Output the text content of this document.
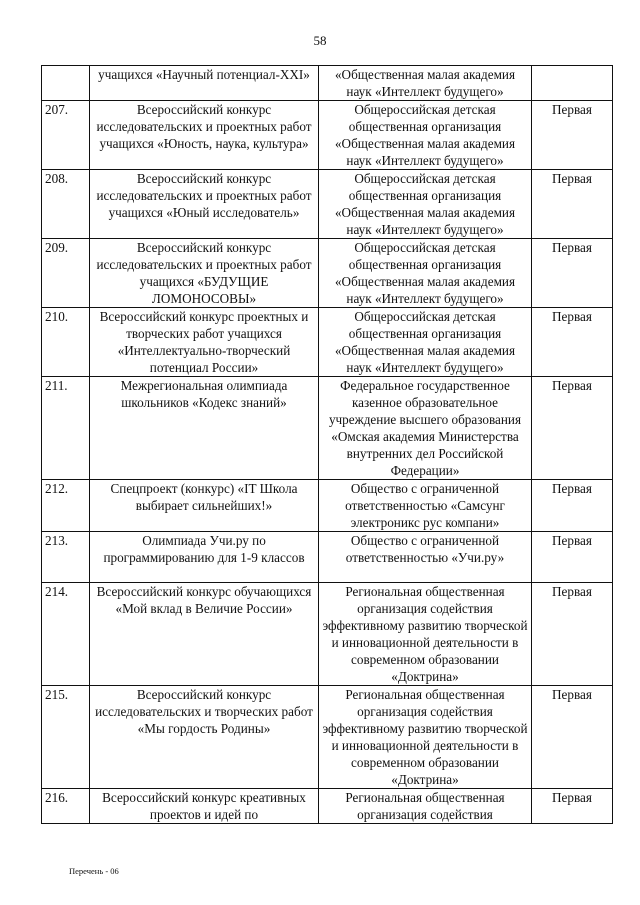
58
	учащихся «Научный потенциал-XXI»	«Общественная малая академия наук «Интеллект будущего»	
207.	Всероссийский конкурс исследовательских и проектных работ учащихся «Юность, наука, культура»	Общероссийская детская общественная организация «Общественная малая академия наук «Интеллект будущего»	Первая
208.	Всероссийский конкурс исследовательских и проектных работ учащихся «Юный исследователь»	Общероссийская детская общественная организация «Общественная малая академия наук «Интеллект будущего»	Первая
209.	Всероссийский конкурс исследовательских и проектных работ учащихся «БУДУЩИЕ ЛОМОНОСОВЫ»	Общероссийская детская общественная организация «Общественная малая академия наук «Интеллект будущего»	Первая
210.	Всероссийский конкурс проектных и творческих работ учащихся «Интеллектуально-творческий потенциал России»	Общероссийская детская общественная организация «Общественная малая академия наук «Интеллект будущего»	Первая
211.	Межрегиональная олимпиада школьников «Кодекс знаний»	Федеральное государственное казенное образовательное учреждение высшего образования «Омская академия Министерства внутренних дел Российской Федерации»	Первая
212.	Спецпроект (конкурс) «IT Школа выбирает сильнейших!»	Общество с ограниченной ответственностью «Самсунг электроникс рус компани»	Первая
213.	Олимпиада Учи.ру по программированию для 1-9 классов	Общество с ограниченной ответственностью «Учи.ру»	Первая
214.	Всероссийский конкурс обучающихся «Мой вклад в Величие России»	Региональная общественная организация содействия эффективному развитию творческой и инновационной деятельности в современном образовании «Доктрина»	Первая
215.	Всероссийский конкурс исследовательских и творческих работ «Мы гордость Родины»	Региональная общественная организация содействия эффективному развитию творческой и инновационной деятельности в современном образовании «Доктрина»	Первая
216.	Всероссийский конкурс креативных проектов и идей по	Региональная общественная организация содействия	Первая
Перечень - 06
